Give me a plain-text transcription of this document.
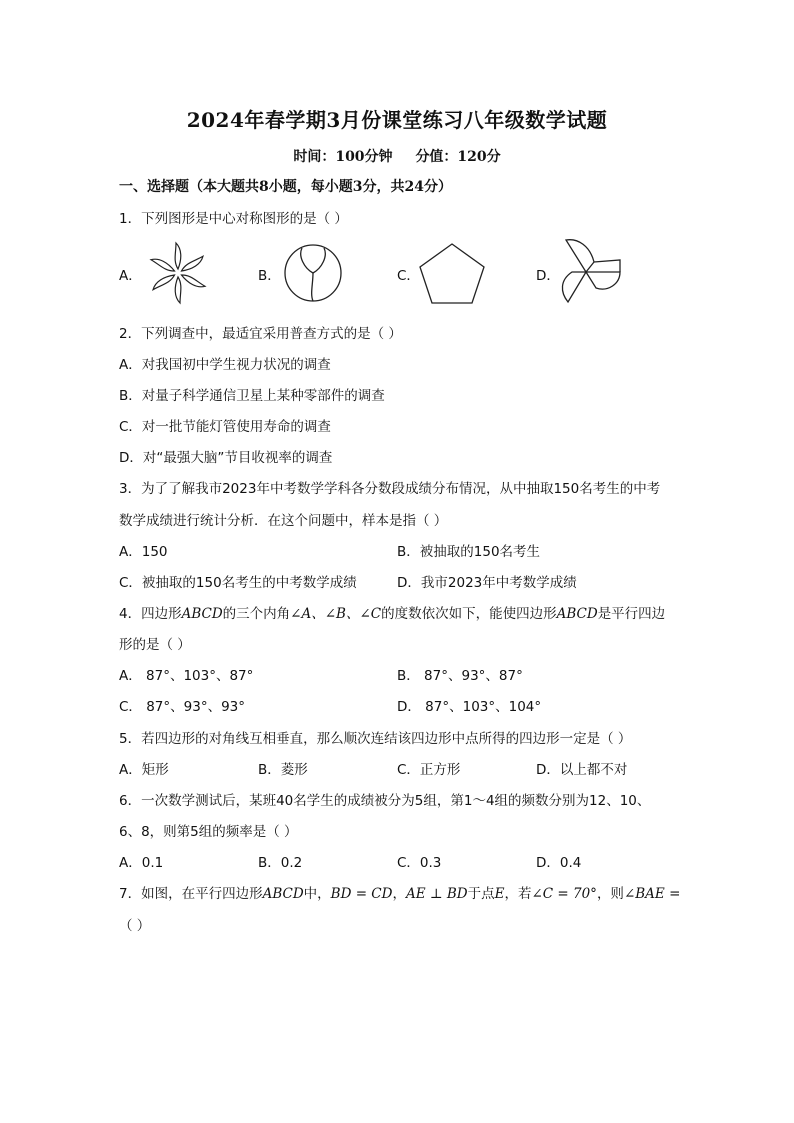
2024年春学期3月份课堂练习八年级数学试题
时间：100分钟 分值：120分
一、选择题（本大题共8小题，每小题3分，共24分）
1．下列图形是中心对称图形的是（ ）
A．	B．	C．	D．
2．下列调查中，最适宜采用普查方式的是（ ）
A．对我国初中学生视力状况的调查
B．对量子科学通信卫星上某种零部件的调查
C．对一批节能灯管使用寿命的调查
D．对“最强大脑”节目收视率的调查
3．为了了解我市2023年中考数学学科各分数段成绩分布情况，从中抽取150名考生的中考
数学成绩进行统计分析．在这个问题中，样本是指（ ）
A．150	B．被抽取的150名考生
C．被抽取的150名考生的中考数学成绩	D．我市2023年中考数学成绩
4．四边形ABCD的三个内角∠A、∠B、∠C的度数依次如下，能使四边形ABCD是平行四边
形的是（ ）
A． 87°、103°、87°	B． 87°、93°、87°
C． 87°、93°、93°	D． 87°、103°、104°
5．若四边形的对角线互相垂直，那么顺次连结该四边形中点所得的四边形一定是（ ）
A．矩形	B．菱形	C．正方形	D．以上都不对
6．一次数学测试后，某班40名学生的成绩被分为5组，第1～4组的频数分别为12、10、
6、8，则第5组的频率是（ ）
A．0.1	B．0.2	C．0.3	D．0.4
7．如图，在平行四边形ABCD中，BD = CD，AE ⊥ BD于点E，若∠C = 70°，则∠BAE =
（ ）
